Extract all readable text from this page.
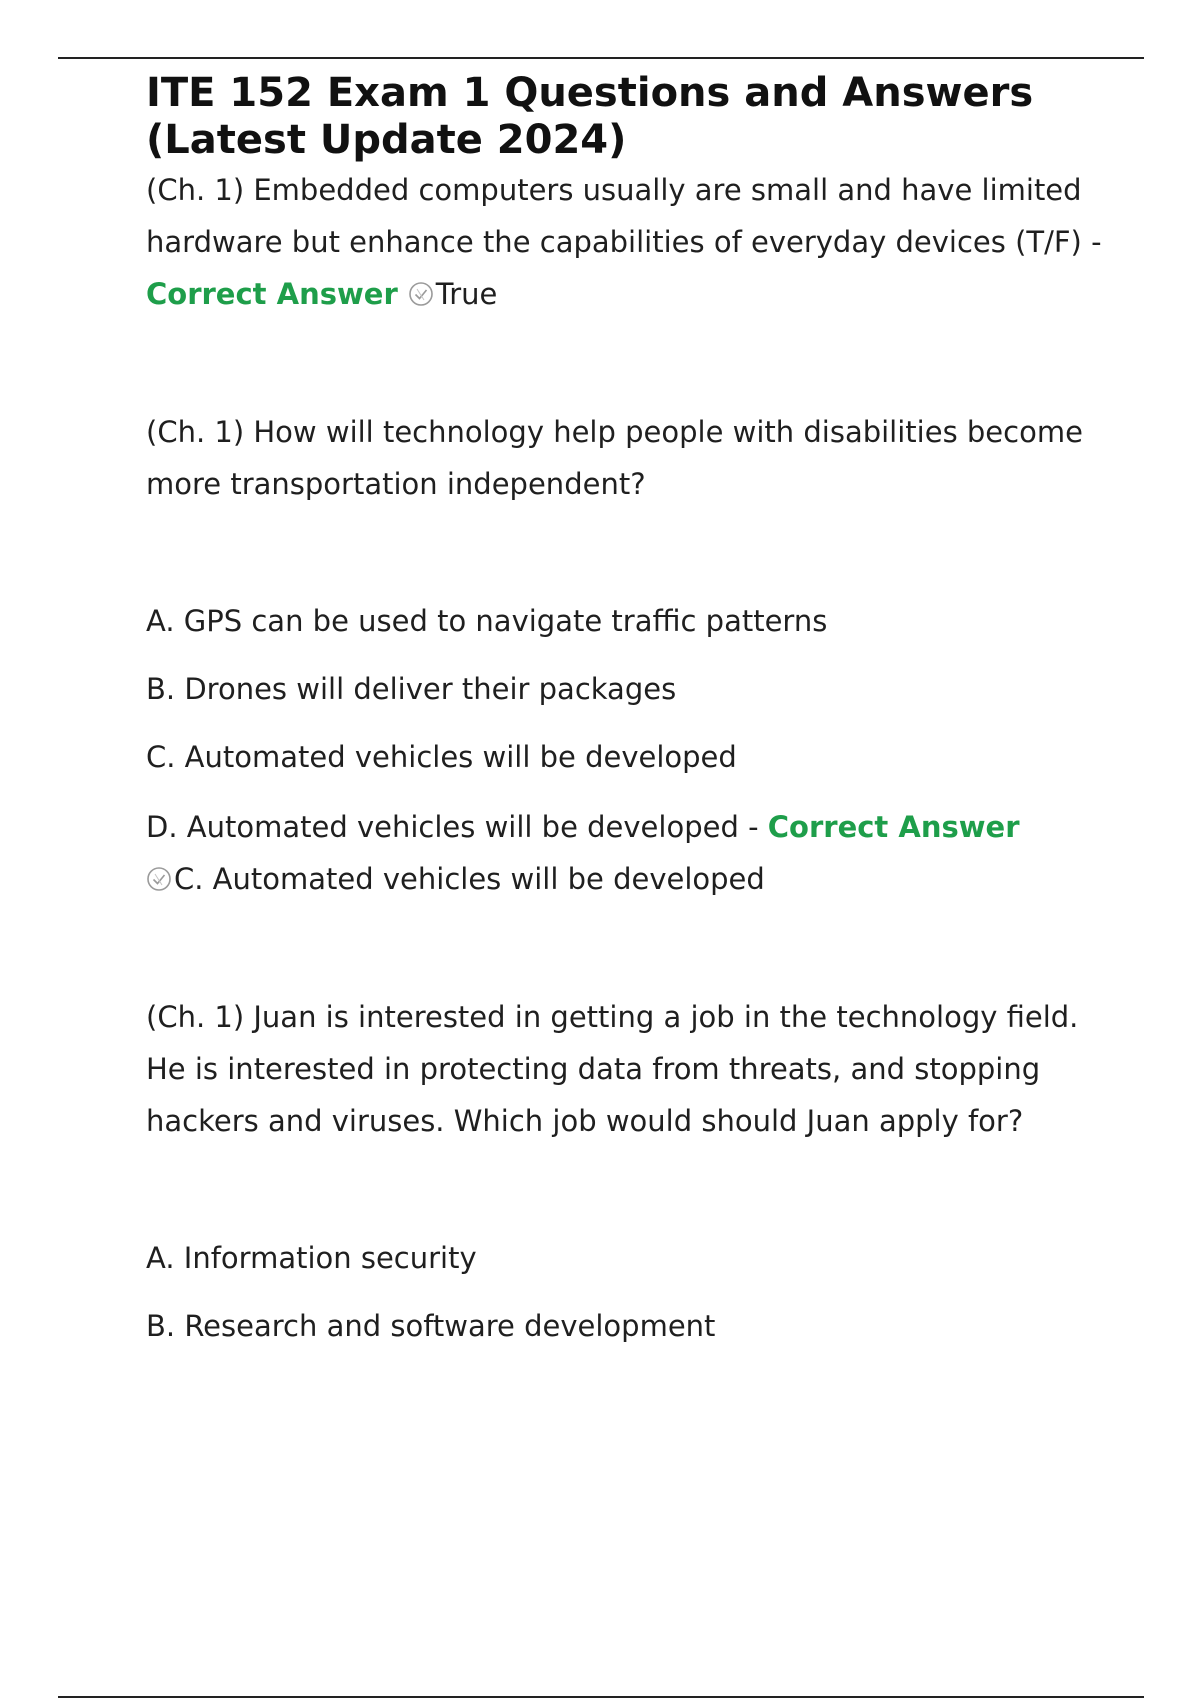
ITE 152 Exam 1 Questions and Answers (Latest Update 2024)

(Ch. 1) Embedded computers usually are small and have limited hardware but enhance the capabilities of everyday devices (T/F) - Correct Answer True

(Ch. 1) How will technology help people with disabilities become more transportation independent?

A. GPS can be used to navigate traffic patterns

B. Drones will deliver their packages

C. Automated vehicles will be developed

D. Automated vehicles will be developed - Correct Answer

C. Automated vehicles will be developed

(Ch. 1) Juan is interested in getting a job in the technology field. He is interested in protecting data from threats, and stopping hackers and viruses. Which job would should Juan apply for?

A. Information security

B. Research and software development
